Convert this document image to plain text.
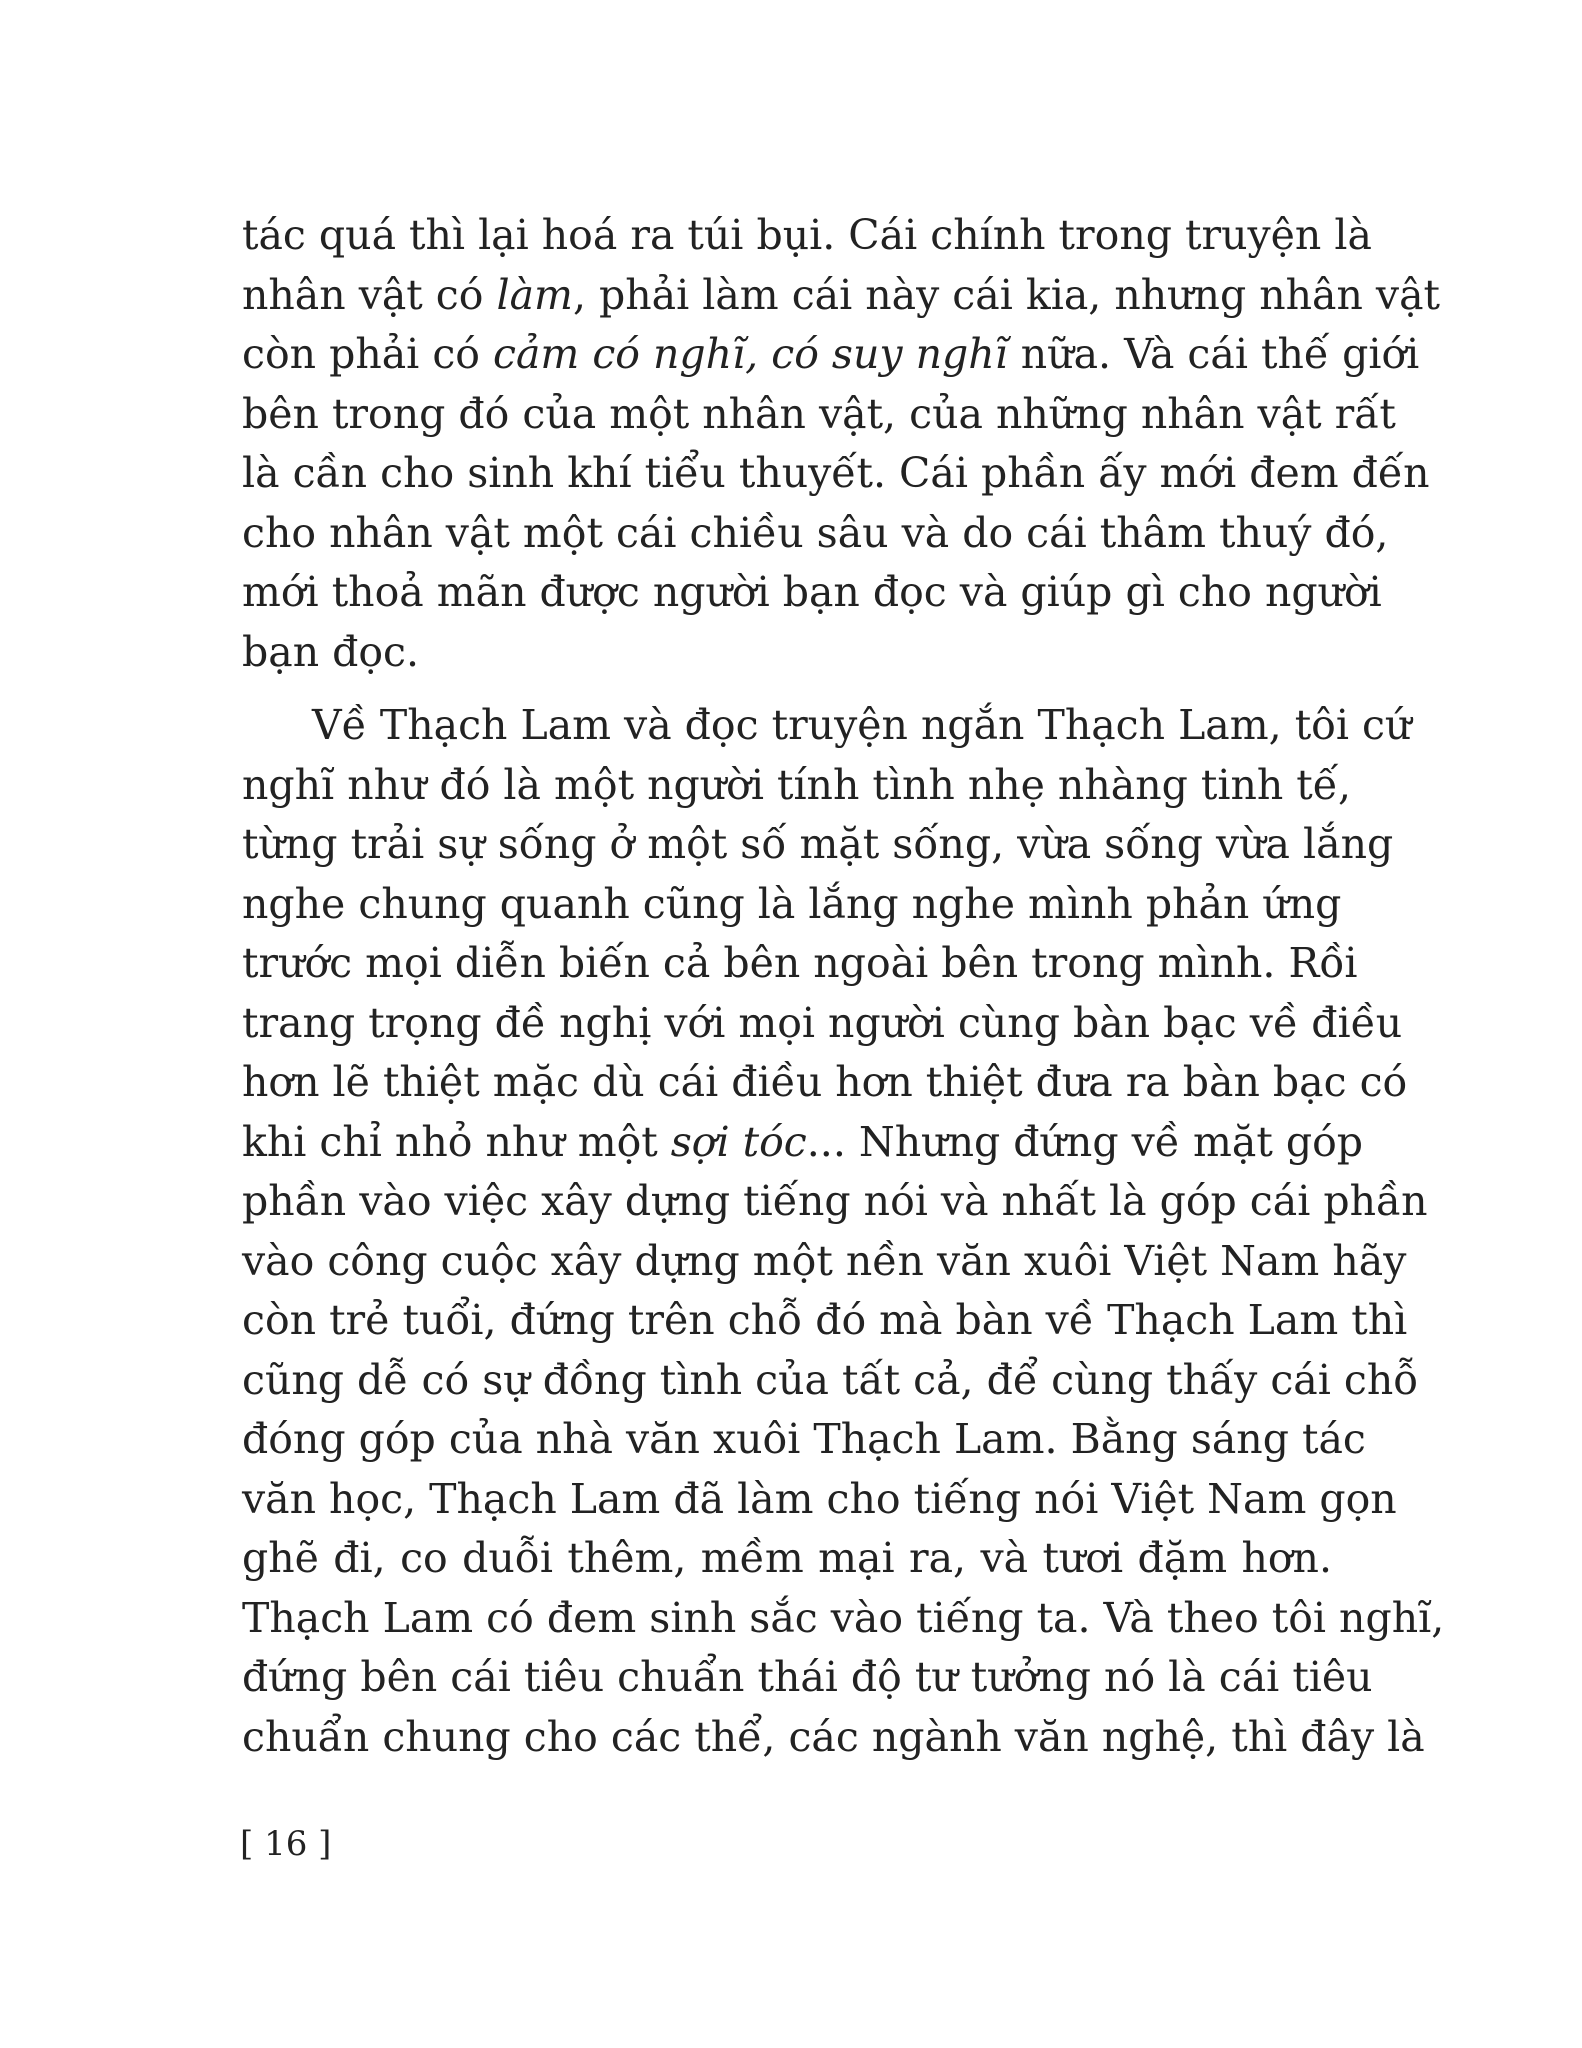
tác quá thì lại hoá ra túi bụi. Cái chính trong truyện là
nhân vật có làm, phải làm cái này cái kia, nhưng nhân vật
còn phải có cảm có nghĩ, có suy nghĩ nữa. Và cái thế giới
bên trong đó của một nhân vật, của những nhân vật rất
là cần cho sinh khí tiểu thuyết. Cái phần ấy mới đem đến
cho nhân vật một cái chiều sâu và do cái thâm thuý đó,
mới thoả mãn được người bạn đọc và giúp gì cho người
bạn đọc.
Về Thạch Lam và đọc truyện ngắn Thạch Lam, tôi cứ
nghĩ như đó là một người tính tình nhẹ nhàng tinh tế,
từng trải sự sống ở một số mặt sống, vừa sống vừa lắng
nghe chung quanh cũng là lắng nghe mình phản ứng
trước mọi diễn biến cả bên ngoài bên trong mình. Rồi
trang trọng đề nghị với mọi người cùng bàn bạc về điều
hơn lẽ thiệt mặc dù cái điều hơn thiệt đưa ra bàn bạc có
khi chỉ nhỏ như một sợi tóc... Nhưng đứng về mặt góp
phần vào việc xây dựng tiếng nói và nhất là góp cái phần
vào công cuộc xây dựng một nền văn xuôi Việt Nam hãy
còn trẻ tuổi, đứng trên chỗ đó mà bàn về Thạch Lam thì
cũng dễ có sự đồng tình của tất cả, để cùng thấy cái chỗ
đóng góp của nhà văn xuôi Thạch Lam. Bằng sáng tác
văn học, Thạch Lam đã làm cho tiếng nói Việt Nam gọn
ghẽ đi, co duỗi thêm, mềm mại ra, và tươi đặm hơn.
Thạch Lam có đem sinh sắc vào tiếng ta. Và theo tôi nghĩ,
đứng bên cái tiêu chuẩn thái độ tư tưởng nó là cái tiêu
chuẩn chung cho các thể, các ngành văn nghệ, thì đây là
[ 16 ]
